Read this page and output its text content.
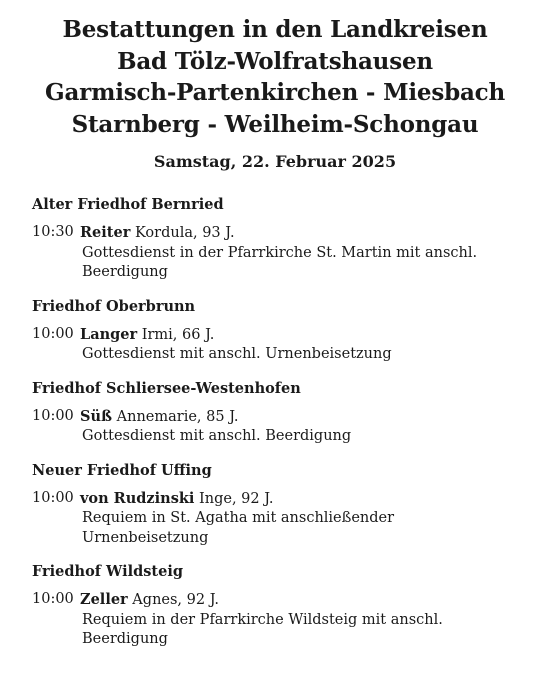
Bestattungen in den Landkreisen
Bad Tölz-Wolfratshausen
Garmisch-Partenkirchen - Miesbach
Starnberg - Weilheim-Schongau
Samstag, 22. Februar 2025
Alter Friedhof Bernried
10:30 Reiter Kordula, 93 J.
Gottesdienst in der Pfarrkirche St. Martin mit anschl.
Beerdigung
Friedhof Oberbrunn
10:00 Langer Irmi, 66 J.
Gottesdienst mit anschl. Urnenbeisetzung
Friedhof Schliersee-Westenhofen
10:00 Süß Annemarie, 85 J.
Gottesdienst mit anschl. Beerdigung
Neuer Friedhof Uffing
10:00 von Rudzinski Inge, 92 J.
Requiem in St. Agatha mit anschließender
Urnenbeisetzung
Friedhof Wildsteig
10:00 Zeller Agnes, 92 J.
Requiem in der Pfarrkirche Wildsteig mit anschl.
Beerdigung
